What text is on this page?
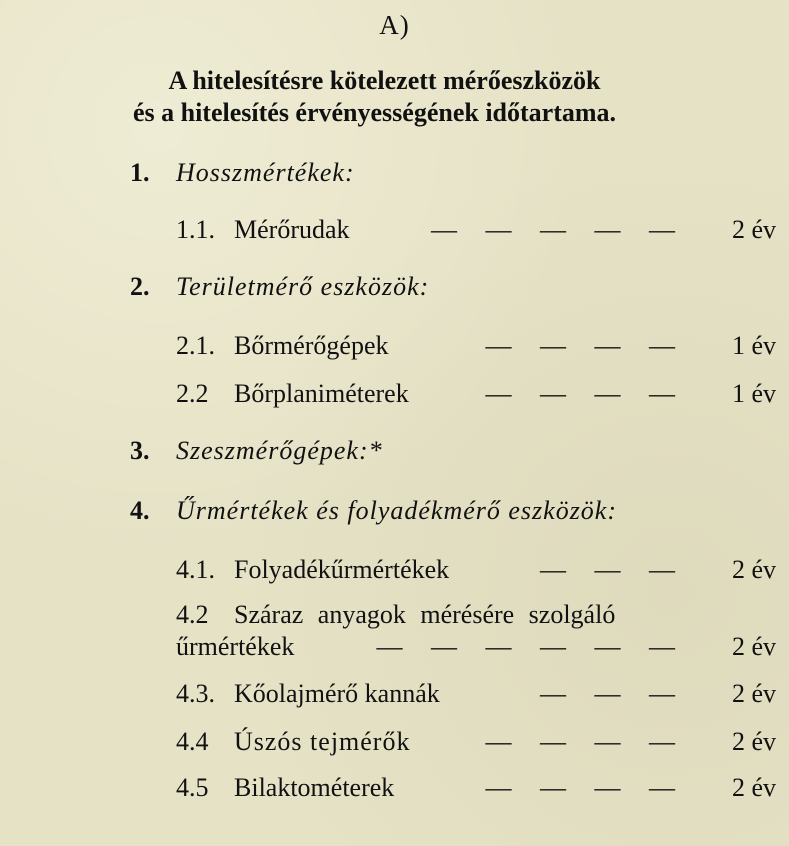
A)
A hitelesítésre kötelezett mérőeszközök
és a hitelesítés érvényességének időtartama.
1. Hosszmértékek:
1.1. Mérőrudak	— — — — — 2 év
2. Területmérő eszközök:
2.1. Bőrmérőgépek	— — — — 1 év
2.2 Bőrplaniméterek	— — — — 1 év
3. Szeszmérőgépek:*
4. Űrmértékek és folyadékmérő eszközök:
4.1. Folyadékűrmértékek	— — — 2 év
4.2 Száraz anyagok mérésére szolgáló
űrmértékek	— — — — — — 2 év
4.3. Kőolajmérő kannák	— — — 2 év
4.4 Úszós tejmérők	— — — — 2 év
4.5 Bilaktométerek	— — — — 2 év
